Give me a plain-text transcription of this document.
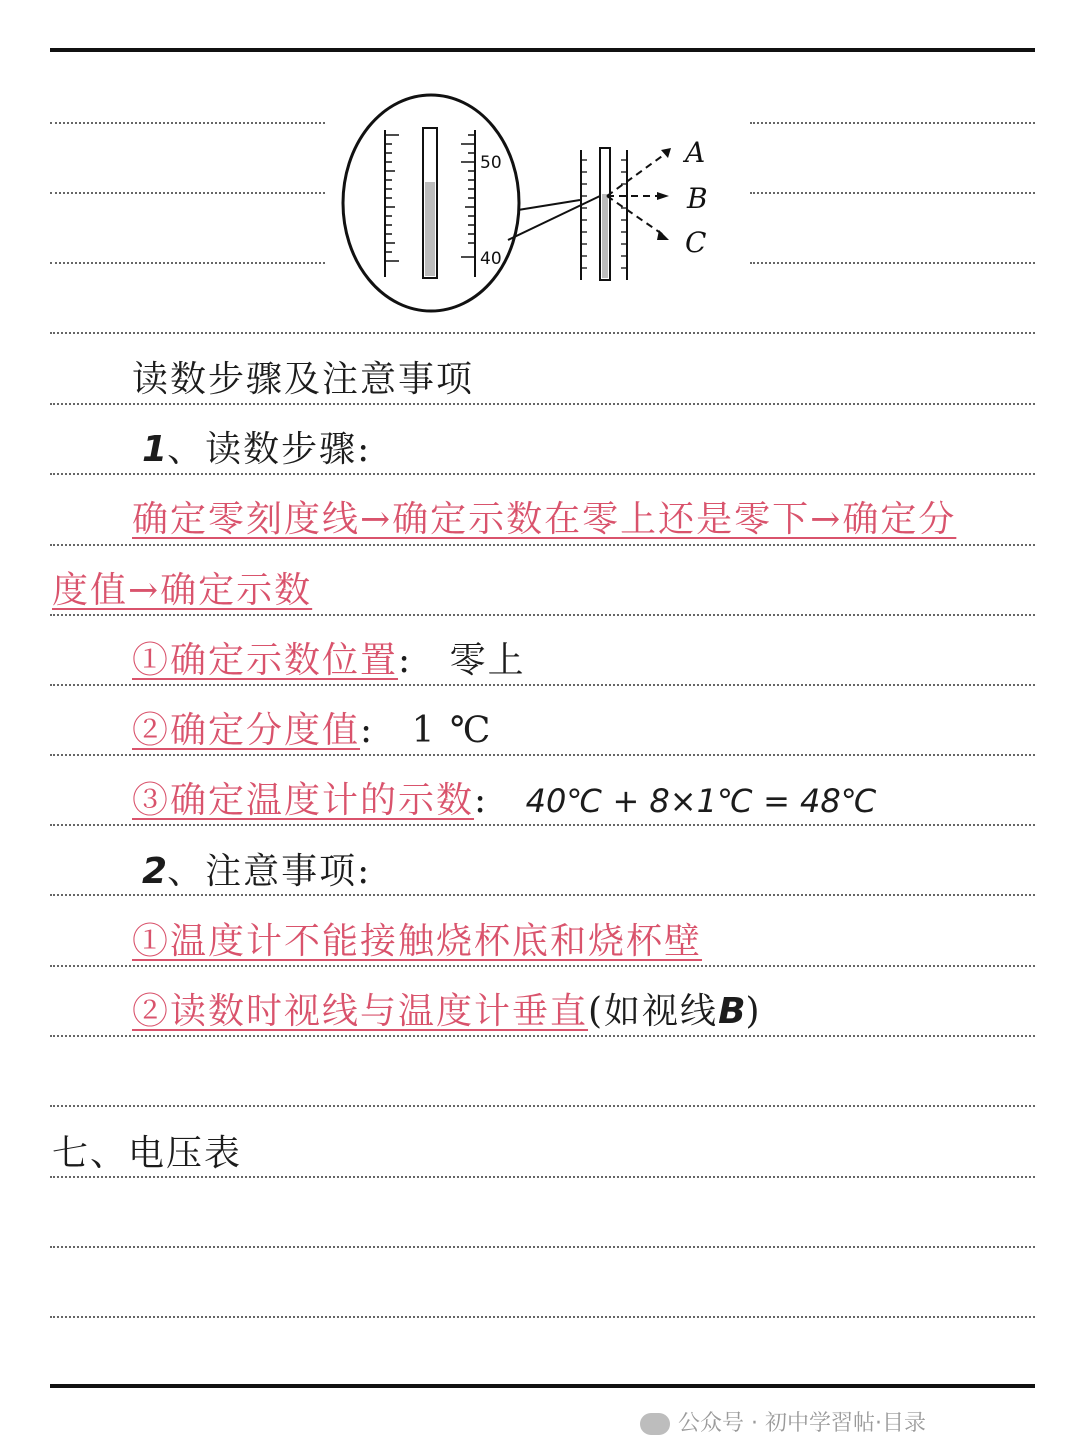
50
40
A
B
C
读数步骤及注意事项
1、读数步骤:
确定零刻度线→确定示数在零上还是零下→确定分
度值→确定示数
①确定示数位置: 零上
②确定分度值: 1 ℃
③确定温度计的示数: 40℃ + 8×1℃ = 48℃
2、注意事项:
①温度计不能接触烧杯底和烧杯壁
②读数时视线与温度计垂直(如视线B)
七、电压表
公众号 · 初中学習帖·目录
